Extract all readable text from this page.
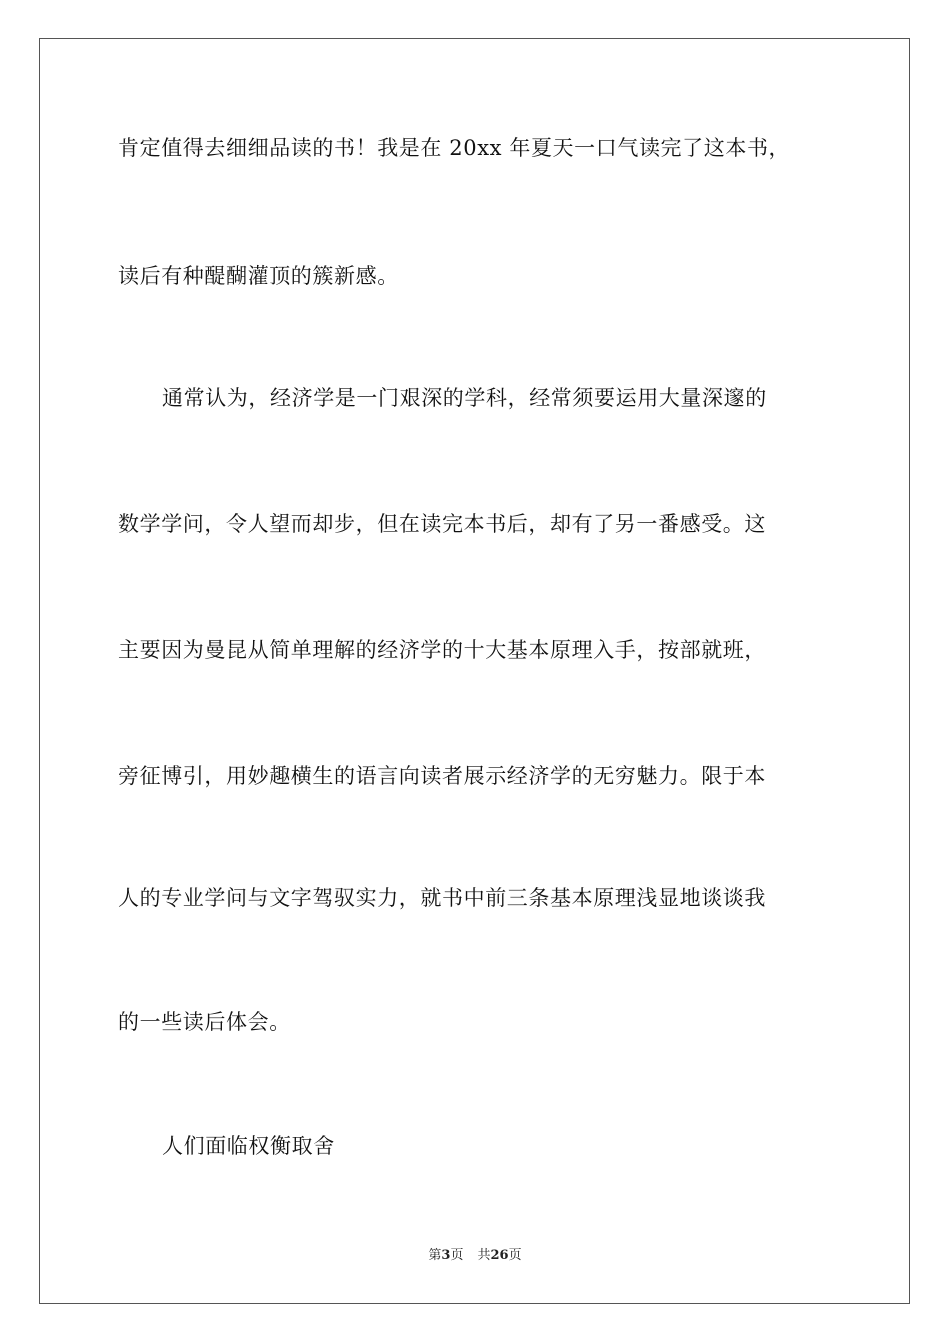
肯定值得去细细品读的书！我是在 20xx 年夏天一口气读完了这本书，
读后有种醍醐灌顶的簇新感。
通常认为，经济学是一门艰深的学科，经常须要运用大量深邃的
数学学问，令人望而却步，但在读完本书后，却有了另一番感受。这
主要因为曼昆从简单理解的经济学的十大基本原理入手，按部就班，
旁征博引，用妙趣横生的语言向读者展示经济学的无穷魅力。限于本
人的专业学问与文字驾驭实力，就书中前三条基本原理浅显地谈谈我
的一些读后体会。
人们面临权衡取舍
第3页 共26页
